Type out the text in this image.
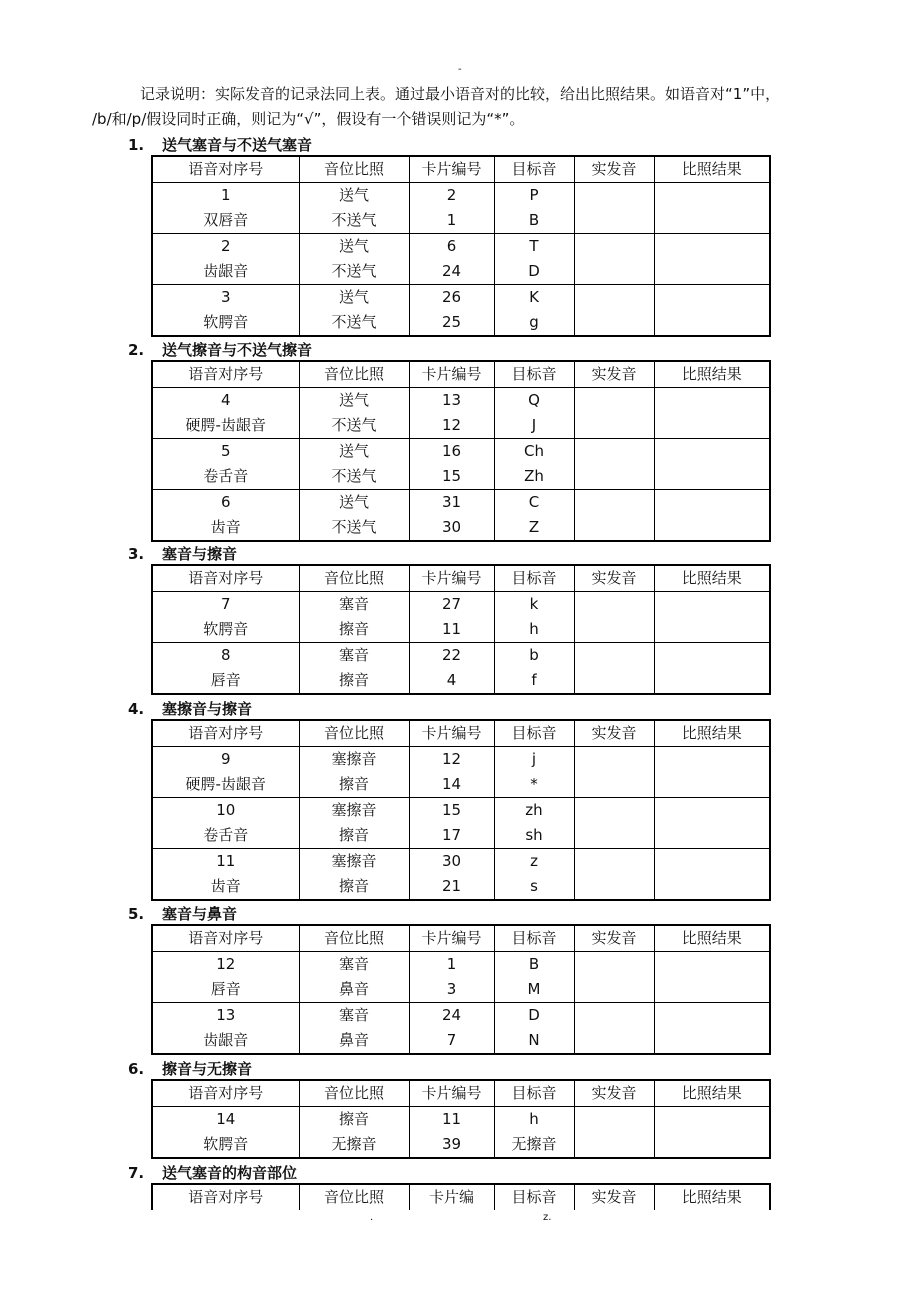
-
记录说明：实际发音的记录法同上表。通过最小语音对的比较，给出比照结果。如语音对“1”中，
/b/和/p/假设同时正确，则记为“√”，假设有一个错误则记为“*”。
1. 送气塞音与不送气塞音
语音对序号	音位比照	卡片编号	目标音	实发音	比照结果
1	送气	2	P		
双唇音	不送气	1	B		
2	送气	6	T		
齿龈音	不送气	24	D		
3	送气	26	K		
软腭音	不送气	25	g		
2. 送气擦音与不送气擦音
语音对序号	音位比照	卡片编号	目标音	实发音	比照结果
4	送气	13	Q		
硬腭-齿龈音	不送气	12	J		
5	送气	16	Ch		
卷舌音	不送气	15	Zh		
6	送气	31	C		
齿音	不送气	30	Z		
3. 塞音与擦音
语音对序号	音位比照	卡片编号	目标音	实发音	比照结果
7	塞音	27	k		
软腭音	擦音	11	h		
8	塞音	22	b		
唇音	擦音	4	f		
4. 塞擦音与擦音
语音对序号	音位比照	卡片编号	目标音	实发音	比照结果
9	塞擦音	12	j		
硬腭-齿龈音	擦音	14	*		
10	塞擦音	15	zh		
卷舌音	擦音	17	sh		
11	塞擦音	30	z		
齿音	擦音	21	s		
5. 塞音与鼻音
语音对序号	音位比照	卡片编号	目标音	实发音	比照结果
12	塞音	1	B		
唇音	鼻音	3	M		
13	塞音	24	D		
齿龈音	鼻音	7	N		
6. 擦音与无擦音
语音对序号	音位比照	卡片编号	目标音	实发音	比照结果
14	擦音	11	h		
软腭音	无擦音	39	无擦音		
7. 送气塞音的构音部位
语音对序号	音位比照	卡片编	目标音	实发音	比照结果
.	z.
